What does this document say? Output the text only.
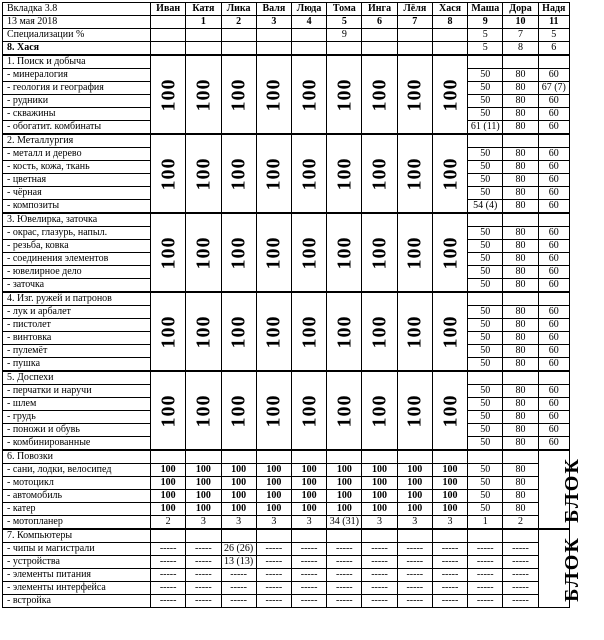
Вкладка 3.8	Иван	Катя	Лика	Валя	Люда	Тома	Инга	Лёля	Хася	Маша	Дора	Надя
13 мая 2018		1	2	3	4	5	6	7	8	9	10	11
Специализации %						9				5	7	5
8. Хася										5	8	6
1. Поиск и добыча	100	100	100	100	100	100	100	100	100			
- минералогия										50	80	60
- геология и география										50	80	67 (7)
- рудники										50	80	60
- скважины										50	80	60
- обогатит. комбинаты										61 (11)	80	60
2. Металлургия	100	100	100	100	100	100	100	100	100			
- металл и дерево										50	80	60
- кость, кожа, ткань										50	80	60
- цветная										50	80	60
- чёрная										50	80	60
- композиты										54 (4)	80	60
3. Ювелирка, заточка	100	100	100	100	100	100	100	100	100			
- окрас, глазурь, напыл.										50	80	60
- резьба, ковка										50	80	60
- соединения элементов										50	80	60
- ювелирное дело										50	80	60
- заточка										50	80	60
4. Изг. ружей и патронов	100	100	100	100	100	100	100	100	100			
- лук и арбалет										50	80	60
- пистолет										50	80	60
- винтовка										50	80	60
- пулемёт										50	80	60
- пушка										50	80	60
5. Доспехи	100	100	100	100	100	100	100	100	100			
- перчатки и наручи										50	80	60
- шлем										50	80	60
- грудь										50	80	60
- поножи и обувь										50	80	60
- комбинированные										50	80	60
6. Повозки												БЛОК
- сани, лодки, велосипед	100	100	100	100	100	100	100	100	100	50	80	
- мотоцикл	100	100	100	100	100	100	100	100	100	50	80	
- автомобиль	100	100	100	100	100	100	100	100	100	50	80	
- катер	100	100	100	100	100	100	100	100	100	50	80	
- мотопланер	2	3	3	3	3	34 (31)	3	3	3	1	2	
7. Компьютеры												БЛОК
- чипы и магистрали	-----	-----	26 (26)	-----	-----	-----	-----	-----	-----	-----	-----	
- устройства	-----	-----	13 (13)	-----	-----	-----	-----	-----	-----	-----	-----	
- элементы питания	-----	-----	-----	-----	-----	-----	-----	-----	-----	-----	-----	
- элементы интерфейса	-----	-----	-----	-----	-----	-----	-----	-----	-----	-----	-----	
- встройка	-----	-----	-----	-----	-----	-----	-----	-----	-----	-----	-----	
